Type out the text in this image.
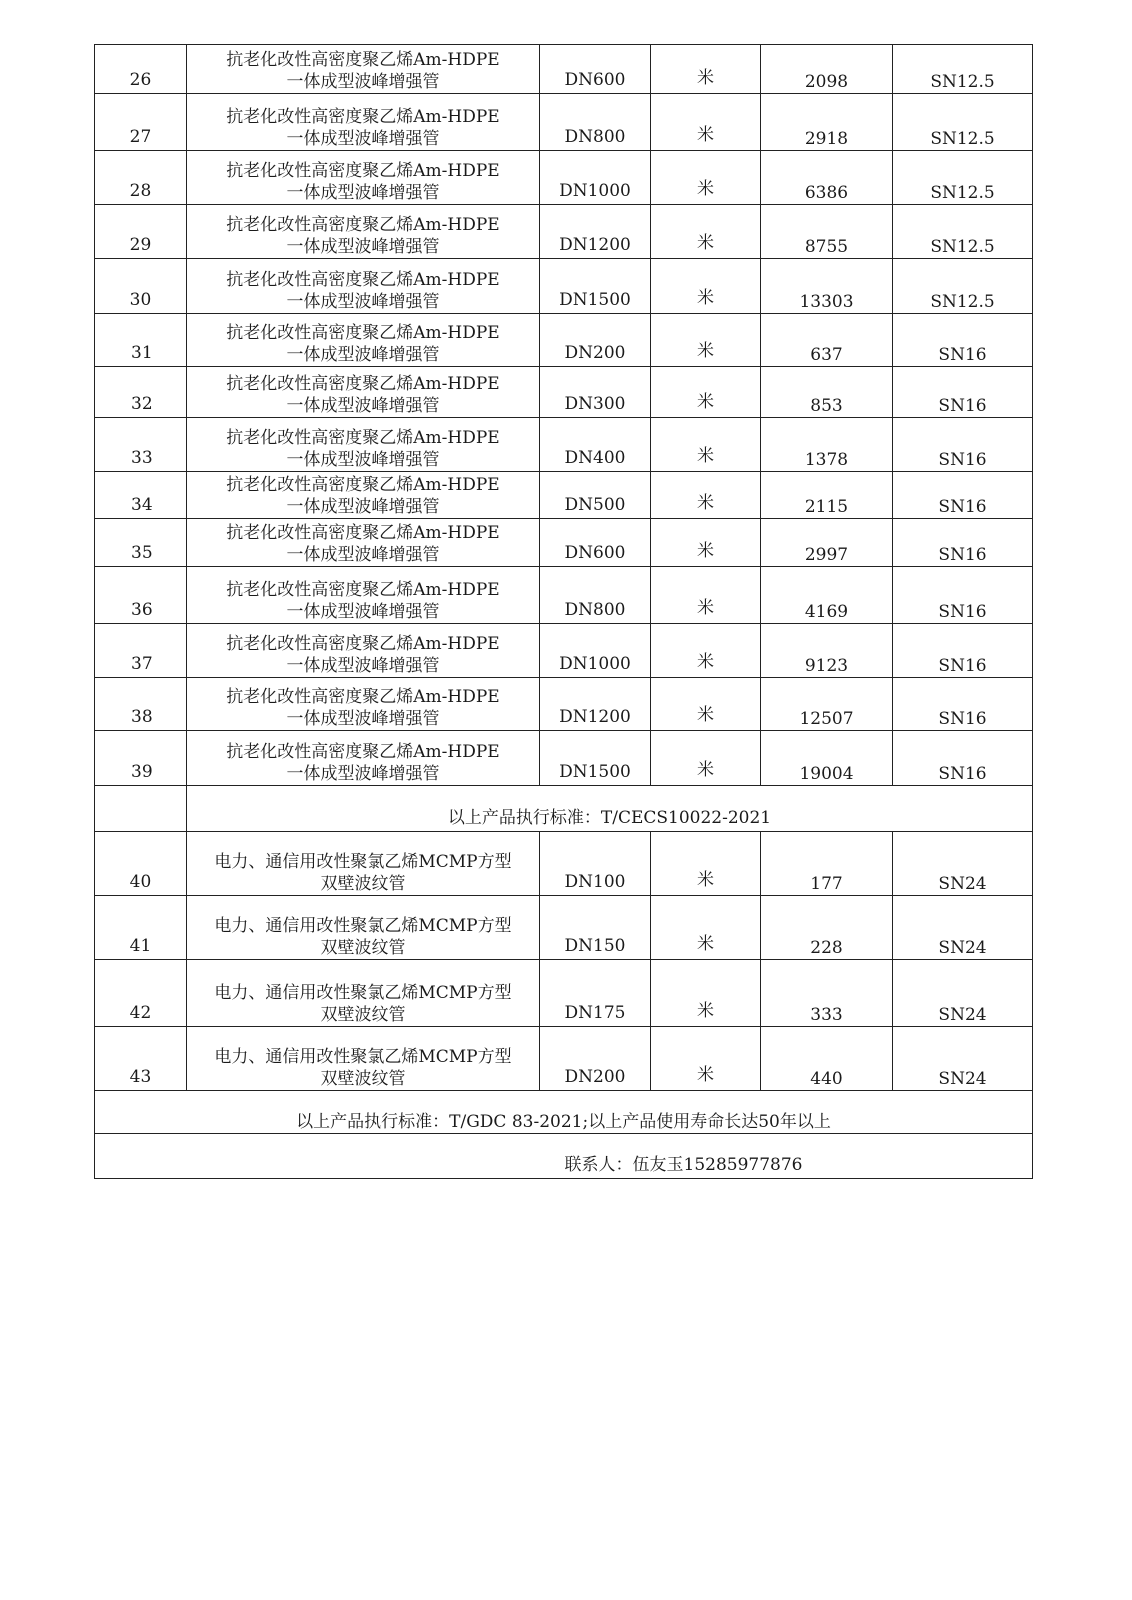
26	抗老化改性高密度聚乙烯Am-HDPE
一体成型波峰增强管	DN600	米	2098	SN12.5

27	抗老化改性高密度聚乙烯Am-HDPE
一体成型波峰增强管	DN800	米	2918	SN12.5

28	抗老化改性高密度聚乙烯Am-HDPE
一体成型波峰增强管	DN1000	米	6386	SN12.5

29	抗老化改性高密度聚乙烯Am-HDPE
一体成型波峰增强管	DN1200	米	8755	SN12.5

30	抗老化改性高密度聚乙烯Am-HDPE
一体成型波峰增强管	DN1500	米	13303	SN12.5

31	抗老化改性高密度聚乙烯Am-HDPE
一体成型波峰增强管	DN200	米	637	SN16

32	抗老化改性高密度聚乙烯Am-HDPE
一体成型波峰增强管	DN300	米	853	SN16

33	抗老化改性高密度聚乙烯Am-HDPE
一体成型波峰增强管	DN400	米	1378	SN16

34	抗老化改性高密度聚乙烯Am-HDPE
一体成型波峰增强管	DN500	米	2115	SN16

35	抗老化改性高密度聚乙烯Am-HDPE
一体成型波峰增强管	DN600	米	2997	SN16

36	抗老化改性高密度聚乙烯Am-HDPE
一体成型波峰增强管	DN800	米	4169	SN16

37	抗老化改性高密度聚乙烯Am-HDPE
一体成型波峰增强管	DN1000	米	9123	SN16

38	抗老化改性高密度聚乙烯Am-HDPE
一体成型波峰增强管	DN1200	米	12507	SN16

39	抗老化改性高密度聚乙烯Am-HDPE
一体成型波峰增强管	DN1500	米	19004	SN16
	以上产品执行标准：T/CECS10022-2021				

40	电力、通信用改性聚氯乙烯MCMP方型
双壁波纹管	DN100	米	177	SN24

41	电力、通信用改性聚氯乙烯MCMP方型
双壁波纹管	DN150	米	228	SN24

42	电力、通信用改性聚氯乙烯MCMP方型
双壁波纹管	DN175	米	333	SN24

43	电力、通信用改性聚氯乙烯MCMP方型
双壁波纹管	DN200	米	440	SN24
以上产品执行标准：T/GDC 83-2021;以上产品使用寿命长达50年以上					
联系人：伍友玉15285977876					
